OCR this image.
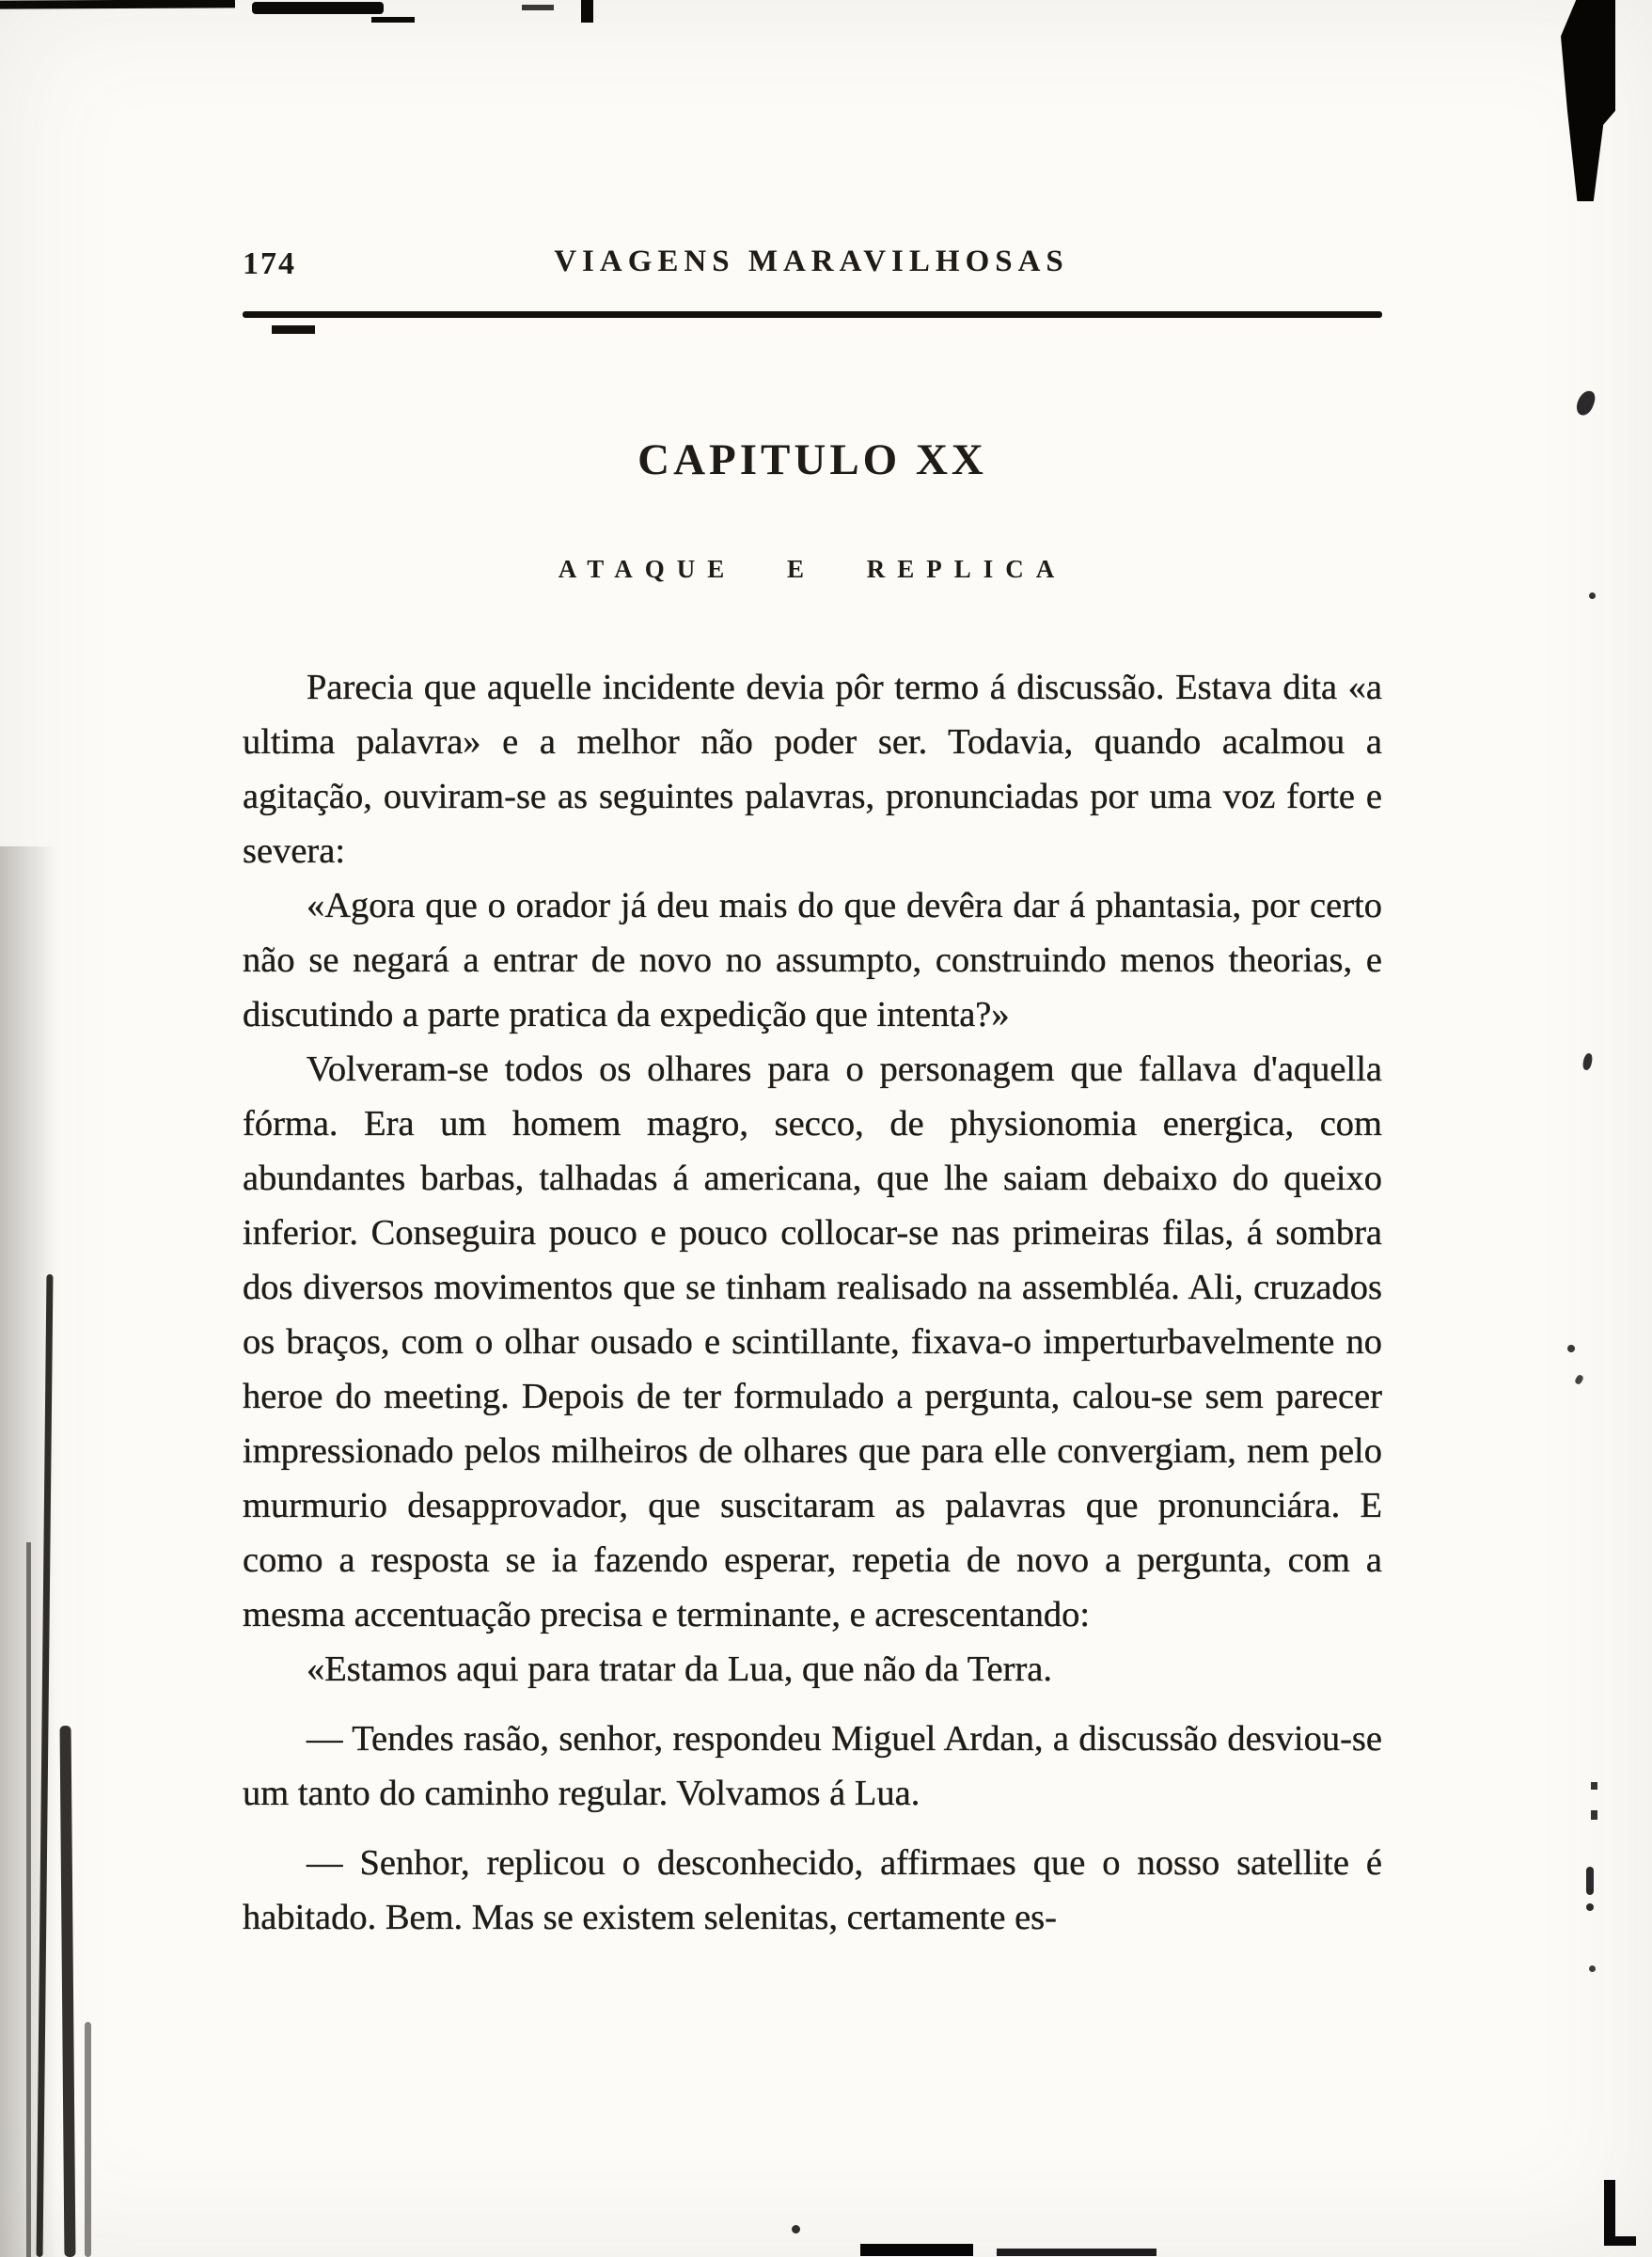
174	VIAGENS MARAVILHOSAS
CAPITULO XX
ATAQUE E REPLICA

Parecia que aquelle incidente devia pôr termo á discussão. Estava dita «a ultima palavra» e a melhor não poder ser. Todavia, quando acalmou a agitação, ouviram-se as seguintes palavras, pronunciadas por uma voz forte e severa:

«Agora que o orador já deu mais do que devêra dar á phantasia, por certo não se negará a entrar de novo no assumpto, construindo menos theorias, e discutindo a parte pratica da expedição que intenta?»

Volveram-se todos os olhares para o personagem que fallava d'aquella fórma. Era um homem magro, secco, de physionomia energica, com abundantes barbas, talhadas á americana, que lhe saiam debaixo do queixo inferior. Conseguira pouco e pouco collocar-se nas primeiras filas, á sombra dos diversos movimentos que se tinham realisado na assembléa. Ali, cruzados os braços, com o olhar ousado e scintillante, fixava-o imperturbavelmente no heroe do meeting. Depois de ter formulado a pergunta, calou-se sem parecer impressionado pelos milheiros de olhares que para elle convergiam, nem pelo murmurio desapprovador, que suscitaram as palavras que pronunciára. E como a resposta se ia fazendo esperar, repetia de novo a pergunta, com a mesma accentuação precisa e terminante, e acrescentando:

«Estamos aqui para tratar da Lua, que não da Terra.

— Tendes rasão, senhor, respondeu Miguel Ardan, a discussão desviou-se um tanto do caminho regular. Volvamos á Lua.

— Senhor, replicou o desconhecido, affirmaes que o nosso satellite é habitado. Bem. Mas se existem selenitas, certamente es-
